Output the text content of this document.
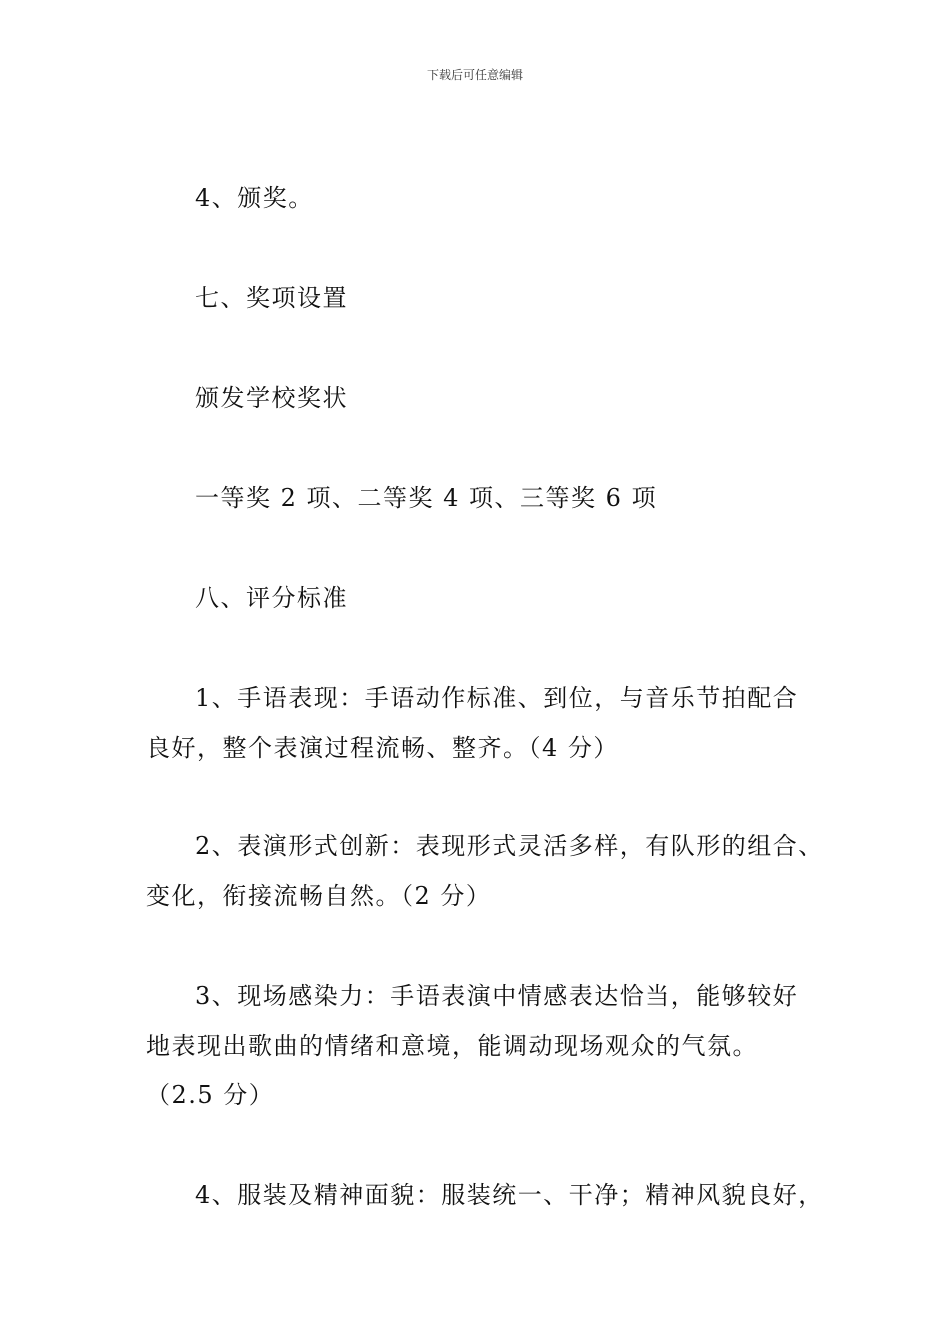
下载后可任意编辑
4、颁奖。
七、奖项设置
颁发学校奖状
一等奖 2 项、二等奖 4 项、三等奖 6 项
八、评分标准
1、手语表现：手语动作标准、到位，与音乐节拍配合
良好，整个表演过程流畅、整齐。（4 分）
2、表演形式创新：表现形式灵活多样，有队形的组合、
变化，衔接流畅自然。（2 分）
3、现场感染力：手语表演中情感表达恰当，能够较好
地表现出歌曲的情绪和意境，能调动现场观众的气氛。
（2.5 分）
4、服装及精神面貌：服装统一、干净；精神风貌良好，
